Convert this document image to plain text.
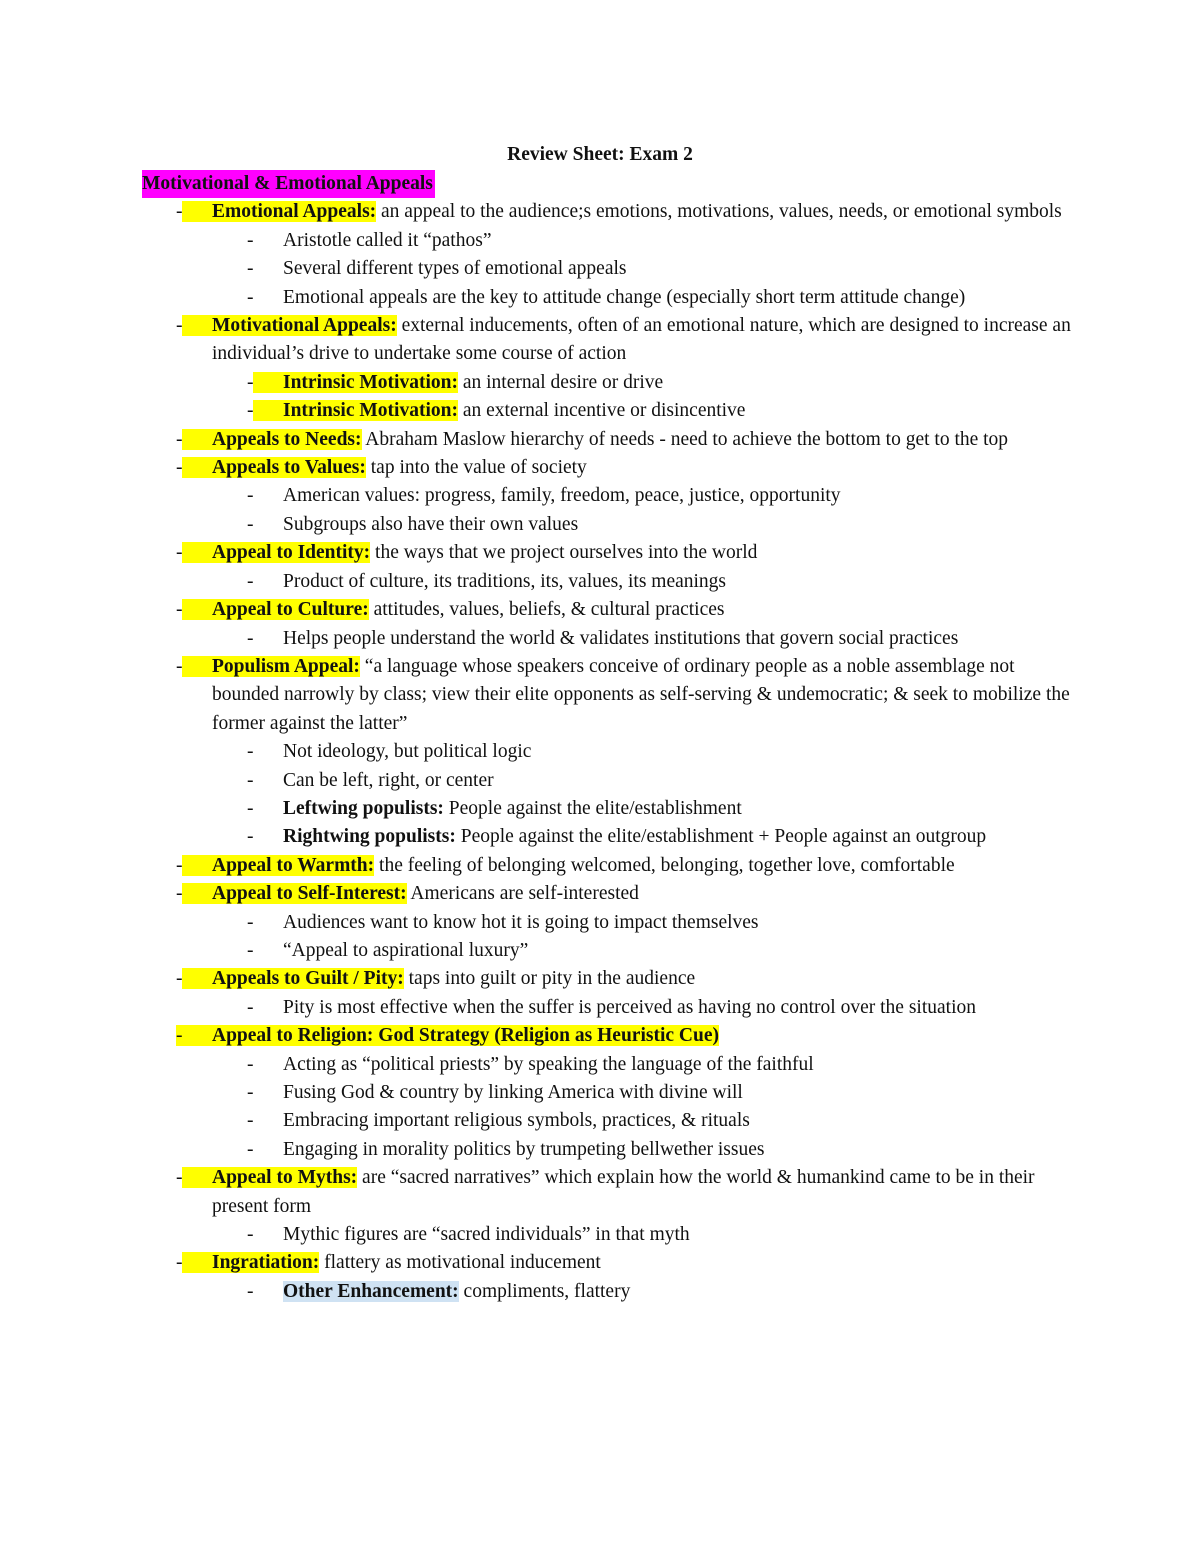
Review Sheet: Exam 2
Motivational & Emotional Appeals
- Emotional Appeals: an appeal to the audience;s emotions, motivations, values, needs, or emotional symbols
- Aristotle called it “pathos”
- Several different types of emotional appeals
- Emotional appeals are the key to attitude change (especially short term attitude change)
- Motivational Appeals: external inducements, often of an emotional nature, which are designed to increase an individual’s drive to undertake some course of action
- Intrinsic Motivation: an internal desire or drive
- Intrinsic Motivation: an external incentive or disincentive
- Appeals to Needs: Abraham Maslow hierarchy of needs - need to achieve the bottom to get to the top
- Appeals to Values: tap into the value of society
- American values: progress, family, freedom, peace, justice, opportunity
- Subgroups also have their own values
- Appeal to Identity: the ways that we project ourselves into the world
- Product of culture, its traditions, its, values, its meanings
- Appeal to Culture: attitudes, values, beliefs, & cultural practices
- Helps people understand the world & validates institutions that govern social practices
- Populism Appeal: “a language whose speakers conceive of ordinary people as a noble assemblage not bounded narrowly by class; view their elite opponents as self-serving & undemocratic; & seek to mobilize the former against the latter”
- Not ideology, but political logic
- Can be left, right, or center
- Leftwing populists: People against the elite/establishment
- Rightwing populists: People against the elite/establishment + People against an outgroup
- Appeal to Warmth: the feeling of belonging welcomed, belonging, together love, comfortable
- Appeal to Self-Interest: Americans are self-interested
- Audiences want to know hot it is going to impact themselves
- “Appeal to aspirational luxury”
- Appeals to Guilt / Pity: taps into guilt or pity in the audience
- Pity is most effective when the suffer is perceived as having no control over the situation
- Appeal to Religion: God Strategy (Religion as Heuristic Cue)
- Acting as “political priests” by speaking the language of the faithful
- Fusing God & country by linking America with divine will
- Embracing important religious symbols, practices, & rituals
- Engaging in morality politics by trumpeting bellwether issues
- Appeal to Myths: are “sacred narratives” which explain how the world & humankind came to be in their present form
- Mythic figures are “sacred individuals” in that myth
- Ingratiation: flattery as motivational inducement
- Other Enhancement: compliments, flattery
